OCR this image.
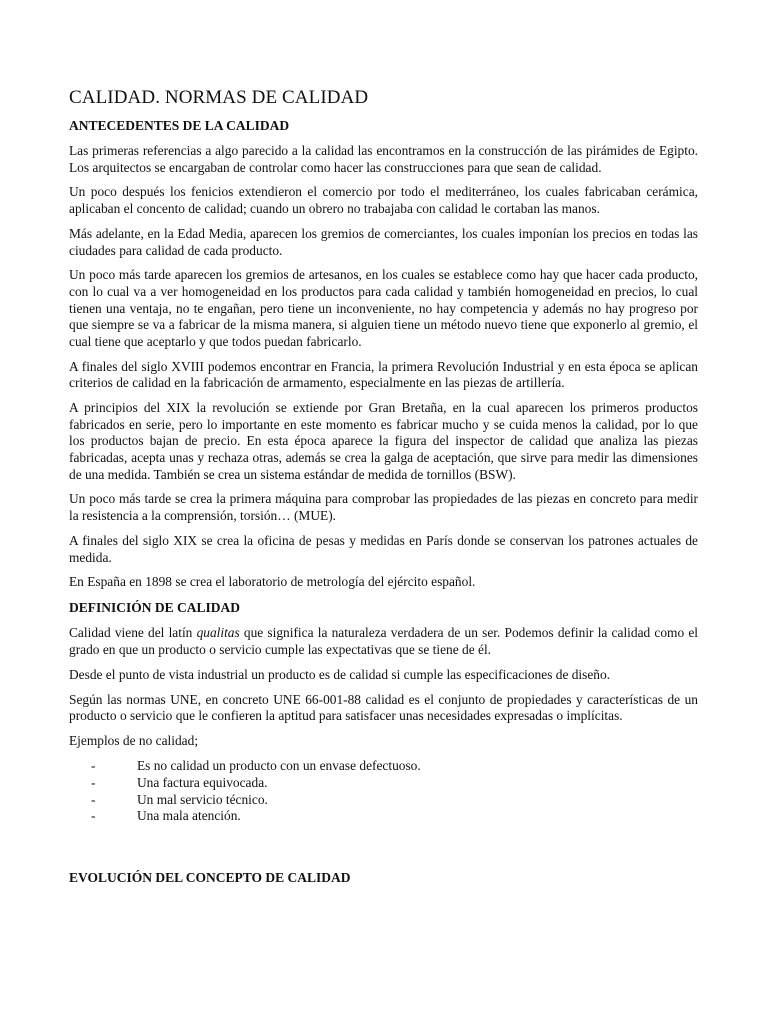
CALIDAD. NORMAS DE CALIDAD
ANTECEDENTES DE LA CALIDAD

Las primeras referencias a algo parecido a la calidad las encontramos en la construcción de las pirámides de Egipto. Los arquitectos se encargaban de controlar como hacer las construcciones para que sean de calidad.

Un poco después los fenicios extendieron el comercio por todo el mediterráneo, los cuales fabricaban cerámica, aplicaban el concento de calidad; cuando un obrero no trabajaba con calidad le cortaban las manos.

Más adelante, en la Edad Media, aparecen los gremios de comerciantes, los cuales imponían los precios en todas las ciudades para calidad de cada producto.

Un poco más tarde aparecen los gremios de artesanos, en los cuales se establece como hay que hacer cada producto, con lo cual va a ver homogeneidad en los productos para cada calidad y también homogeneidad en precios, lo cual tienen una ventaja, no te engañan, pero tiene un inconveniente, no hay competencia y además no hay progreso por que siempre se va a fabricar de la misma manera, si alguien tiene un método nuevo tiene que exponerlo al gremio, el cual tiene que aceptarlo y que todos puedan fabricarlo.

A finales del siglo XVIII podemos encontrar en Francia, la primera Revolución Industrial y en esta época se aplican criterios de calidad en la fabricación de armamento, especialmente en las piezas de artillería.

A principios del XIX la revolución se extiende por Gran Bretaña, en la cual aparecen los primeros productos fabricados en serie, pero lo importante en este momento es fabricar mucho y se cuida menos la calidad, por lo que los productos bajan de precio. En esta época aparece la figura del inspector de calidad que analiza las piezas fabricadas, acepta unas y rechaza otras, además se crea la galga de aceptación, que sirve para medir las dimensiones de una medida. También se crea un sistema estándar de medida de tornillos (BSW).

Un poco más tarde se crea la primera máquina para comprobar las propiedades de las piezas en concreto para medir la resistencia a la comprensión, torsión… (MUE).

A finales del siglo XIX se crea la oficina de pesas y medidas en París donde se conservan los patrones actuales de medida.

En España en 1898 se crea el laboratorio de metrología del ejército español.

DEFINICIÓN DE CALIDAD

Calidad viene del latín qualitas que significa la naturaleza verdadera de un ser. Podemos definir la calidad como el grado en que un producto o servicio cumple las expectativas que se tiene de él.

Desde el punto de vista industrial un producto es de calidad si cumple las especificaciones de diseño.

Según las normas UNE, en concreto UNE 66-001-88 calidad es el conjunto de propiedades y características de un producto o servicio que le confieren la aptitud para satisfacer unas necesidades expresadas o implícitas.

Ejemplos de no calidad;

-	Es no calidad un producto con un envase defectuoso.
-	Una factura equivocada.
-	Un mal servicio técnico.
-	Una mala atención.
EVOLUCIÓN DEL CONCEPTO DE CALIDAD
